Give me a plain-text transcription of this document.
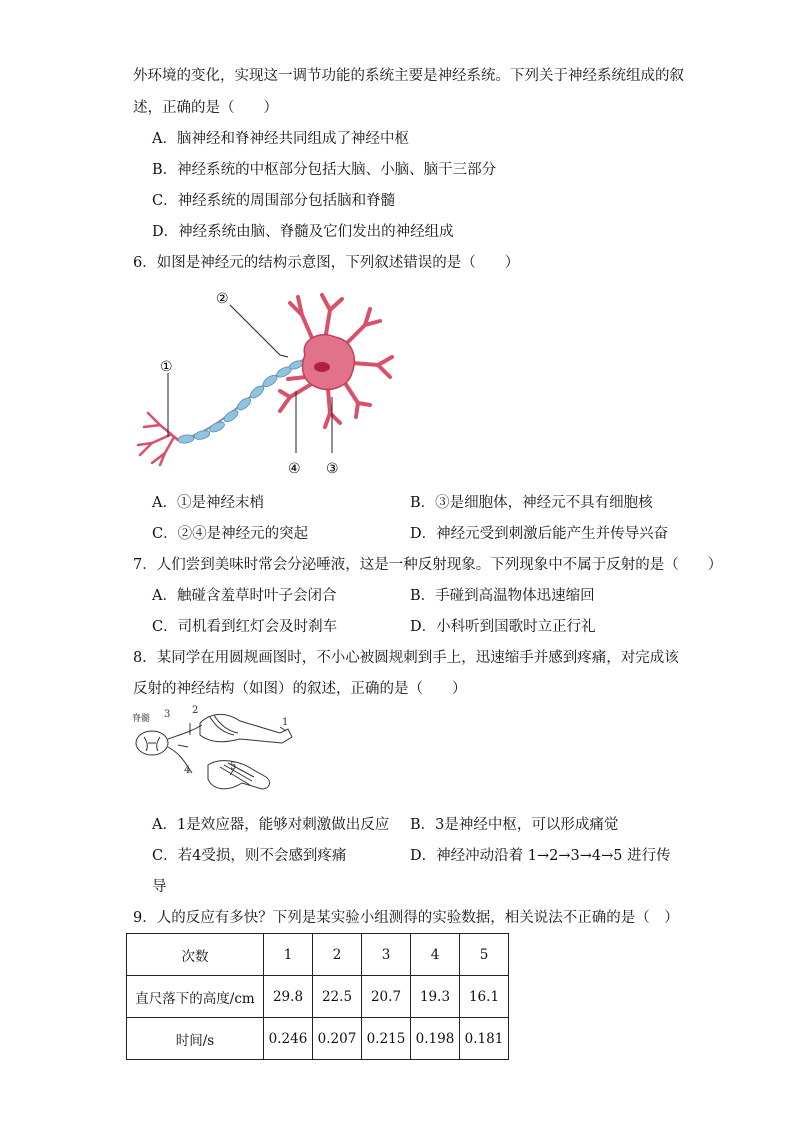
外环境的变化，实现这一调节功能的系统主要是神经系统。下列关于神经系统组成的叙
述，正确的是（　　）
A．脑神经和脊神经共同组成了神经中枢
B．神经系统的中枢部分包括大脑、小脑、脑干三部分
C．神经系统的周围部分包括脑和脊髓
D．神经系统由脑、脊髓及它们发出的神经组成
6．如图是神经元的结构示意图，下列叙述错误的是（　　）
①
②
③
④
A．①是神经末梢	B．③是细胞体，神经元不具有细胞核
C．②④是神经元的突起	D．神经元受到刺激后能产生并传导兴奋
7．人们尝到美味时常会分泌唾液，这是一种反射现象。下列现象中不属于反射的是（　　）
A．触碰含羞草时叶子会闭合	B．手碰到高温物体迅速缩回
C．司机看到红灯会及时刹车	D．小科听到国歌时立正行礼
8．某同学在用圆规画图时，不小心被圆规刺到手上，迅速缩手并感到疼痛，对完成该
反射的神经结构（如图）的叙述，正确的是（　　）
脊髓	1
2
3
4	5
A．1是效应器，能够对刺激做出反应 B．3是神经中枢，可以形成痛觉
C．若4受损，则不会感到疼痛	D．神经冲动沿着 1→2→3→4→5 进行传
导
9．人的反应有多快？下列是某实验小组测得的实验数据，相关说法不正确的是（　）
次数	1	2	3	4	5
直尺落下的高度/cm	29.8	22.5	20.7	19.3	16.1
时间/s	0.246	0.207	0.215	0.198	0.181
